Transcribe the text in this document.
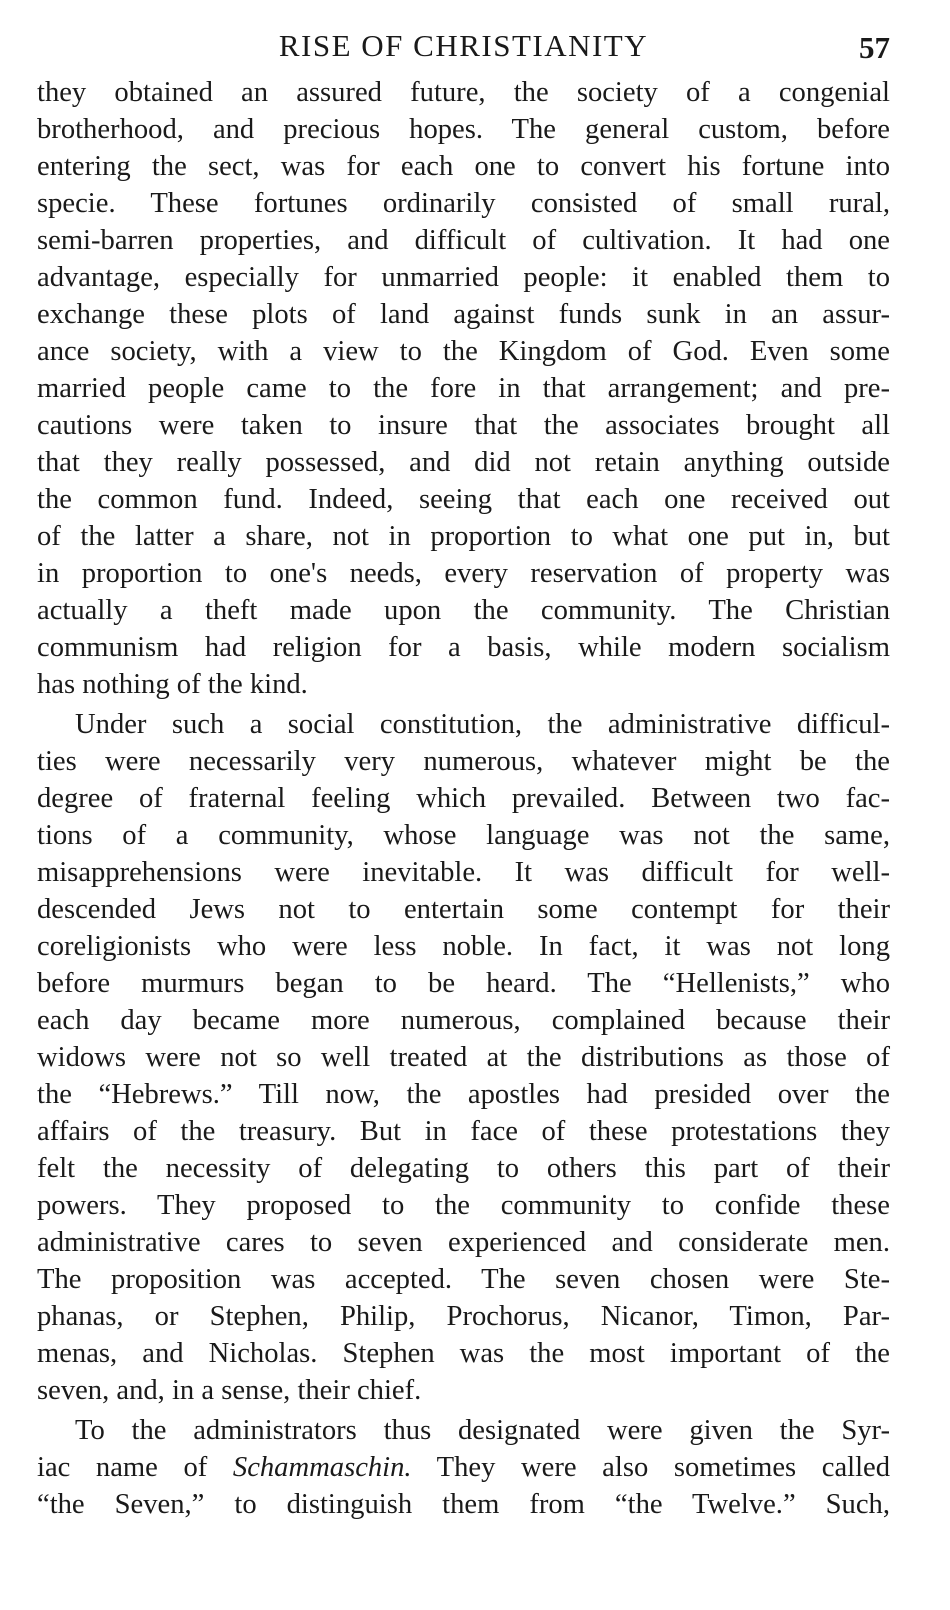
RISE OF CHRISTIANITY	57
they obtained an assured future, the society of a congenial
brotherhood, and precious hopes. The general custom, before
entering the sect, was for each one to convert his fortune into
specie. These fortunes ordinarily consisted of small rural,
semi-barren properties, and difficult of cultivation. It had one
advantage, especially for unmarried people: it enabled them to
exchange these plots of land against funds sunk in an assur-
ance society, with a view to the Kingdom of God. Even some
married people came to the fore in that arrangement; and pre-
cautions were taken to insure that the associates brought all
that they really possessed, and did not retain anything outside
the common fund. Indeed, seeing that each one received out
of the latter a share, not in proportion to what one put in, but
in proportion to one's needs, every reservation of property was
actually a theft made upon the community. The Christian
communism had religion for a basis, while modern socialism
has nothing of the kind.
Under such a social constitution, the administrative difficul-
ties were necessarily very numerous, whatever might be the
degree of fraternal feeling which prevailed. Between two fac-
tions of a community, whose language was not the same,
misapprehensions were inevitable. It was difficult for well-
descended Jews not to entertain some contempt for their
coreligionists who were less noble. In fact, it was not long
before murmurs began to be heard. The “Hellenists,” who
each day became more numerous, complained because their
widows were not so well treated at the distributions as those of
the “Hebrews.” Till now, the apostles had presided over the
affairs of the treasury. But in face of these protestations they
felt the necessity of delegating to others this part of their
powers. They proposed to the community to confide these
administrative cares to seven experienced and considerate men.
The proposition was accepted. The seven chosen were Ste-
phanas, or Stephen, Philip, Prochorus, Nicanor, Timon, Par-
menas, and Nicholas. Stephen was the most important of the
seven, and, in a sense, their chief.
To the administrators thus designated were given the Syr-
iac name of Schammaschin. They were also sometimes called
“the Seven,” to distinguish them from “the Twelve.” Such,
